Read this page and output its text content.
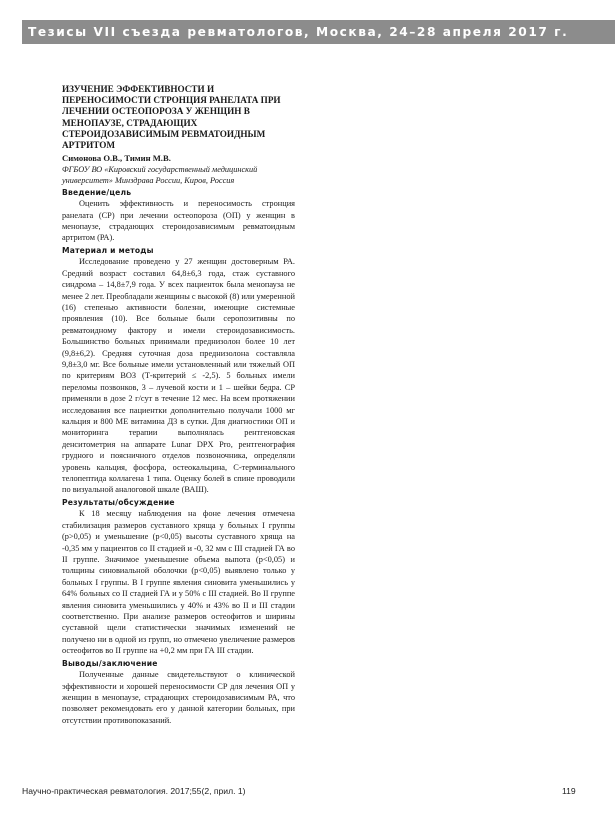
Тезисы VII съезда ревматологов, Москва, 24–28 апреля 2017 г.

ИЗУЧЕНИЕ ЭФФЕКТИВНОСТИ И ПЕРЕНОСИМОСТИ СТРОНЦИЯ РАНЕЛАТА ПРИ ЛЕЧЕНИИ ОСТЕОПОРОЗА У ЖЕНЩИН В МЕНОПАУЗЕ, СТРАДАЮЩИХ СТЕРОИДОЗАВИСИМЫМ РЕВМАТОИДНЫМ АРТРИТОМ

Симонова О.В., Тимин М.В.
ФГБОУ ВО «Кировский государственный медицинский университет» Минздрава России, Киров, Россия
Введение/цель

Оценить эффективность и переносимость стронция ранелата (СР) при лечении остеопороза (ОП) у женщин в менопаузе, страдающих стероидозависимым ревматоидным артритом (РА).

Материал и методы

Исследование проведено у 27 женщин достоверным РА. Средний возраст составил 64,8±6,3 года, стаж суставного синдрома – 14,8±7,9 года. У всех пациенток была менопауза не менее 2 лет. Преобладали женщины с высокой (8) или умеренной (16) степенью активности болезни, имеющие системные проявления (10). Все больные были серопозитивны по ревматоидному фактору и имели стероидозависимость. Большинство больных принимали преднизолон более 10 лет (9,8±6,2). Средняя суточная доза преднизолона составляла 9,8±3,0 мг. Все больные имели установленный или тяжелый ОП по критериям ВОЗ (Т-критерий ≤ -2,5). 5 больных имели переломы позвонков, 3 – лучевой кости и 1 – шейки бедра. СР применяли в дозе 2 г/сут в течение 12 мес. На всем протяжении исследования все пациентки дополнительно получали 1000 мг кальция и 800 МЕ витамина Д3 в сутки. Для диагностики ОП и мониторинга терапии выполнялась рентгеновская денситометрия на аппарате Lunar DPX Pro, рентгенография грудного и поясничного отделов позвоночника, определяли уровень кальция, фосфора, остеокальцина, С-терминального телопептида коллагена 1 типа. Оценку болей в спине проводили по визуальной аналоговой шкале (ВАШ).

Результаты/обсуждение

К 18 месяцу наблюдения на фоне лечения отмечена стабилизация размеров суставного хряща у больных I группы (p>0,05) и уменьшение (p<0,05) высоты суставного хряща на -0,35 мм у пациентов со II стадией и -0, 32 мм с III стадией ГА во II группе. Значимое уменьшение объема выпота (p<0,05) и толщины синовиальной оболочки (p<0,05) выявлено только у больных I группы. В I группе явления синовита уменьшились у 64% больных со II стадией ГА и у 50% с III стадией. Во II группе явления синовита уменьшились у 40% и 43% во II и III стадии соответственно. При анализе размеров остеофитов и ширины суставной щели статистически значимых изменений не получено ни в одной из групп, но отмечено увеличение размеров остеофитов во II группе на +0,2 мм при ГА III стадии.

Выводы/заключение

Полученные данные свидетельствуют о клинической эффективности и хорошей переносимости СР для лечения ОП у женщин в менопаузе, страдающих стероидозависимым РА, что позволяет рекомендовать его у данной категории больных, при отсутствии противопоказаний.

Научно-практическая ревматология. 2017;55(2, прил. 1)	119
